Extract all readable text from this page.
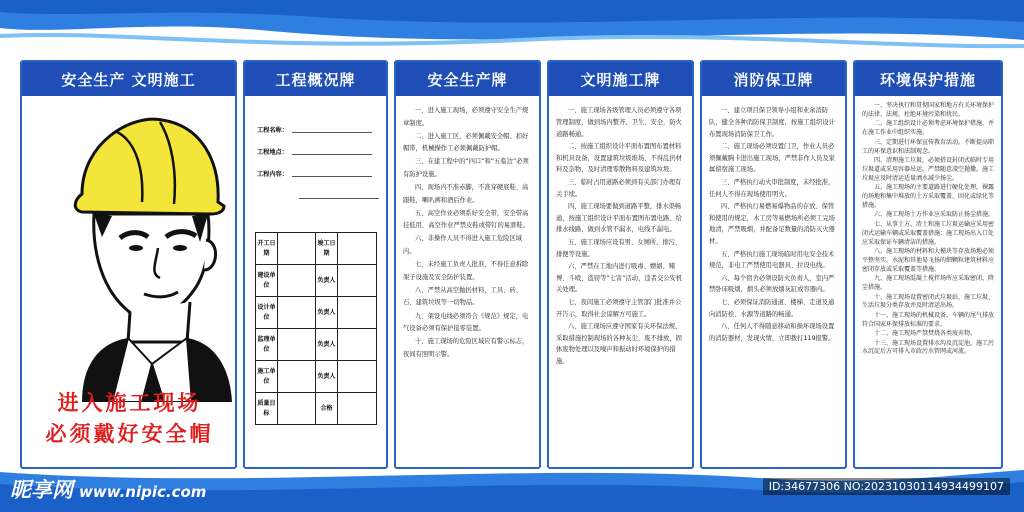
安全生产 文明施工
进入施工现场
必须戴好安全帽
工程概况牌
工程名称：
工程地点：
工程内容：
开工日期		竣工日期	
建设单位		负责人	
设计单位		负责人	
监理单位		负责人	
施工单位		负责人	
质量目标		合格	
安全生产牌

一、进入施工现场，必须遵守安全生产规章制度。

二、进入施工区，必须佩戴安全帽、扣好帽带，机械操作工必须佩戴防护帽。

三、在建工程中的“四口”和“五临边”必须有防护设施。

四、现场内不准赤脚，不准穿硬底鞋、高跟鞋，喇叭裤和酒后作业。

五、高空作业必须系好安全带，安全带高挂低用，高空作业严禁皮鞋或带钉的易滑鞋。

六、非操作人员不得进入施工危险区域内。

七、未经施工负责人批准，不得任意拆除架子设施及安全防护装置。

八、严禁从高空抛扔材料、工具、砖、石、建筑垃圾等一切物品。

九、架设电线必须符合《规范》规定，电气设备必须有保护接零装置。

十、施工现场的危险区域应有警示标志，夜间有照明示警。

文明施工牌

一、施工现场各级管理人员必须遵守各项管理制度，做到场内整齐、卫生、安全，防火道路畅通。

二、按施工组织设计平面布置图布置材料和机具设备，设置建筑垃圾堆场，不得乱扔材料及杂物，及时清理零散物料及建筑垃圾。

三、临时占用道路必须到有关部门办理有关手续。

四、施工现场要做到道路平整，排水渠畅通，按施工组织设计平面布置图布置电路、给排水线路，做到水管不漏水，电线不漏电。

五、施工现场应设有男、女厕所，排污、排便等设施。

六、严禁在工地内进行吸毒、嫖娼、赌博、斗殴、盗窃等“七害”活动，违者交公安机关处理。

七、夜间施工必须遵守主管部门批准并公开告示，取得社会谅解方可施工。

八、施工现场应遵守国家有关环保法规，采取措施控制现场的各种灰尘、废不排放，固体废物处理以及噪声和振动时环境保护的措施。

消防保卫牌

一、建立项目保卫领导小组和业余消防队，健全各种消防保卫制度，按施工组织设计布置现场消防保卫工作。

二、施工现场必须设置门卫，作业人员必须佩戴胸卡进出施工现场，严禁非作人员及家属留宿施工现场。

三、严格执行动火审批制度，未经批准，任何人不得在现场使用明火。

四、严格执行易燃易爆物品的存放、保管和使用的规定，木工房等易燃场所必须工完场地清，严禁吸烟，并配备足数量的消防灭火器材。

五、严格执行施工现场临时用电安全技术规范，非电工严禁使用电器具、拉设电线。

六、每个宿舍必须设防火负责人，室内严禁卧床吸烟，烟头必须放烟灰缸或容器内。

七、必须保证消防通道、楼梯、走道及通向消防栓、水源等道路的畅通。

八、任何人不得随意移动和损坏现场设置的消防器材，发现火情，立即拨打119报警。

环境保护措施

一、坚决执行和贯彻国家和地方有关环境保护的法律、法规，杜绝环境污染和扰民。

二、施工组织设计必须考虑环境保护措施，并在施工作业中组织实施。

三、定期进行环保宣传教育活动，不断提高职工的环保意识和法制观念。

四、清理施工垃圾，必须搭设封闭式临时专用垃圾道或采用容器吊运，严禁随意凌空抛撒。施工垃圾应及时清运适量洒水减少扬尘。

五、施工现场的主要道路进行硬化处理，裸露的场地和集中堆放的土方采取覆盖、固化或绿化等措施。

六、施工现场土方作业应采取防止扬尘措施。

七、从事土方、渣土和施工垃圾运输应采用密闭式运输车辆或采取覆盖措施；施工现场出入口处应采取保证车辆清洁的措施。

八、施工现场的材料和大模块等存放场地必须平整坚实。水泥和其他易飞扬的细颗粒建筑材料应密闭存放或采取覆盖等措施。

九、施工现场混凝土搅拌场所应采取密闭、降尘措施。

十、施工现场设置密闭式垃圾站，施工垃圾、生活垃圾分类存放并及时清运出场。

十一、施工现场的机械设备、车辆的尾气排放符合国家环保排放标准的要求。

十二、施工现场严禁焚烧各类废弃物。

十三、施工现场设置排水沟及沉淀池，施工污水沉淀后方可排入市政污水管网或河流。

昵享网 www.nipic.com	ID:34677306 NO:20231030114934499107
